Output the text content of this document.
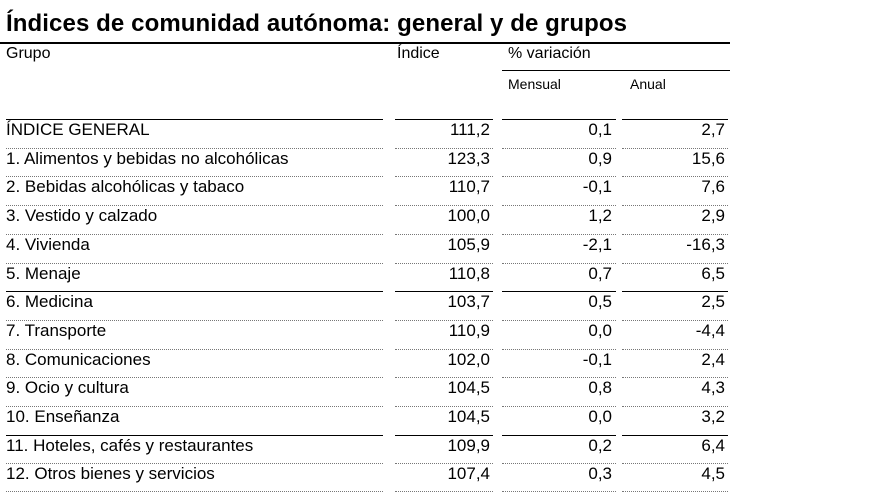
Índices de comunidad autónoma: general y de grupos
Grupo	Índice	% variación
Mensual	Anual
ÍNDICE GENERAL	111,2	0,1	2,7
1. Alimentos y bebidas no alcohólicas	123,3	0,9	15,6
2. Bebidas alcohólicas y tabaco	110,7	-0,1	7,6
3. Vestido y calzado	100,0	1,2	2,9
4. Vivienda	105,9	-2,1	-16,3
5. Menaje	110,8	0,7	6,5
6. Medicina	103,7	0,5	2,5
7. Transporte	110,9	0,0	-4,4
8. Comunicaciones	102,0	-0,1	2,4
9. Ocio y cultura	104,5	0,8	4,3
10. Enseñanza	104,5	0,0	3,2
11. Hoteles, cafés y restaurantes	109,9	0,2	6,4
12. Otros bienes y servicios	107,4	0,3	4,5
